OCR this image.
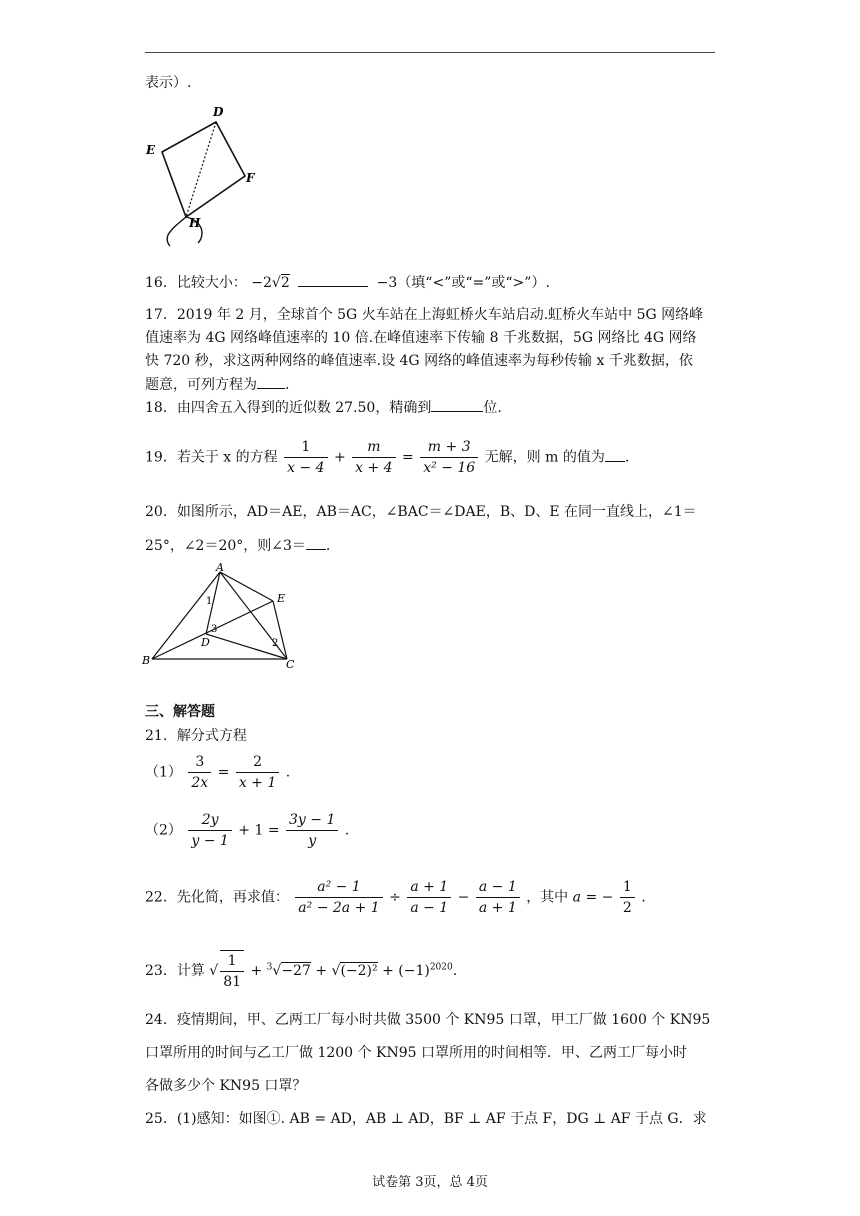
表示）.
D
E
F
H
16．比较大小： −2√2	−3（填“<”或“=”或“>”）.
17．2019 年 2 月，全球首个 5G 火车站在上海虹桥火车站启动.虹桥火车站中 5G 网络峰
值速率为 4G 网络峰值速率的 10 倍.在峰值速率下传输 8 千兆数据，5G 网络比 4G 网络
快 720 秒，求这两种网络的峰值速率.设 4G 网络的峰值速率为每秒传输 x 千兆数据，依
题意，可列方程为 .
18．由四舍五入得到的近似数 27.50，精确到	位.
19．若关于 x 的方程 $\frac{1}{x - 4} + \frac{m}{x + 4} = \frac{m + 3}{\text{x² − 16}}$ 无解，则 m 的值为 .
20．如图所示，AD＝AE，AB＝AC，∠BAC＝∠DAE，B、D、E 在同一直线上，∠1＝
25°，∠2＝20°，则∠3＝ .
A
B	C
D
E
1
2
3
三、解答题
21．解分式方程
$(1) \frac{3}{2x} = \frac{2}{x + 1}$ .
$(2) \frac{2y}{y - 1} + 1 = \frac{3y - 1}{y}$ .
22．先化简，再求值： $\frac{\text{a² − 1}}{\text{a² − 2a + 1}} \div \frac{a + 1}{a - 1} - \frac{a - 1}{a + 1}$ ，其中 a = − $\frac{1}{2}$ .
23．计算 √ $\frac{1}{81} + ^3√-27 + √(-2)^2 + (-1)^{2020}$.
24．疫情期间，甲、乙两工厂每小时共做 3500 个 KN95 口罩，甲工厂做 1600 个 KN95
口罩所用的时间与乙工厂做 1200 个 KN95 口罩所用的时间相等．甲、乙两工厂每小时
各做多少个 KN95 口罩？
25．(1)感知：如图①. AB = AD，AB ⊥ AD，BF ⊥ AF 于点 F，DG ⊥ AF 于点 G．求
试卷第 3页，总 4页
